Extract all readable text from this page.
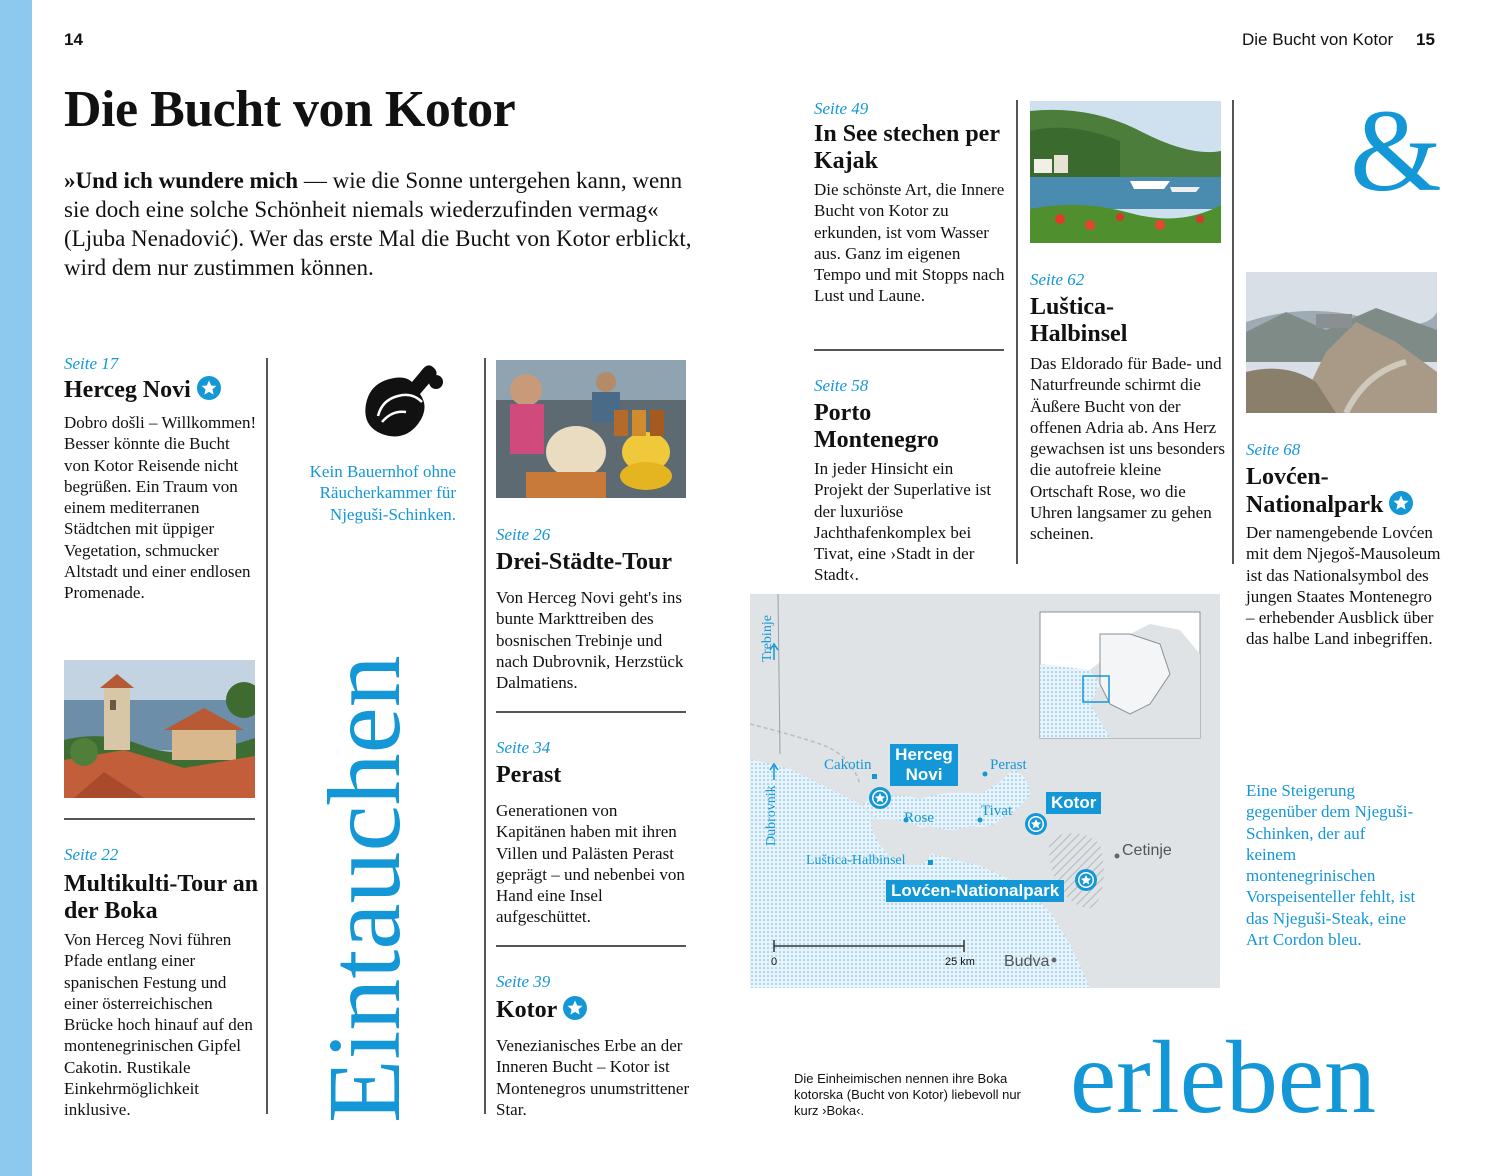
14	Die Bucht von Kotor 15
Die Bucht von Kotor
»Und ich wundere mich — wie die Sonne untergehen kann, wenn sie doch eine solche Schönheit niemals wiederzufinden vermag« (Ljuba Nenadović). Wer das erste Mal die Bucht von Kotor erblickt, wird dem nur zustimmen können.
Seite 17
Herceg Novi
Dobro došli – Willkommen! Besser könnte die Bucht von Kotor Reisende nicht begrüßen. Ein Traum von einem mediterranen Städtchen mit üppiger Vegetation, schmucker Altstadt und einer endlosen Promenade.
Seite 22
Multikulti-Tour an der Boka
Von Herceg Novi führen Pfade entlang einer spanischen Festung und einer österreichischen Brücke hoch hinauf auf den montenegrinischen Gipfel Cakotin. Rustikale Einkehrmöglichkeit inklusive.
Kein Bauernhof ohne Räucherkammer für Njeguši-Schinken.
Eintauchen
Seite 26
Drei-Städte-Tour
Von Herceg Novi geht's ins bunte Markttreiben des bosnischen Trebinje und nach Dubrovnik, Herzstück Dalmatiens.
Seite 34
Perast
Generationen von Kapitänen haben mit ihren Villen und Palästen Perast geprägt – und nebenbei von Hand eine Insel aufgeschüttet.
Seite 39
Kotor
Venezianisches Erbe an der Inneren Bucht – Kotor ist Montenegros unumstrittener Star.
Seite 49
In See stechen per Kajak
Die schönste Art, die Innere Bucht von Kotor zu erkunden, ist vom Wasser aus. Ganz im eigenen Tempo und mit Stopps nach Lust und Laune.
Seite 58
Porto Montenegro
In jeder Hinsicht ein Projekt der Superlative ist der luxuriöse Jachthafenkomplex bei Tivat, eine ›Stadt in der Stadt‹.
Seite 62
Luštica-Halbinsel
Das Eldorado für Bade- und Naturfreunde schirmt die Äußere Bucht von der offenen Adria ab. Ans Herz gewachsen ist uns besonders die autofreie kleine Ortschaft Rose, wo die Uhren langsamer zu gehen scheinen.
&
Seite 68
Lovćen-Nationalpark
Der namengebende Lovćen mit dem Njegoš-Mausoleum ist das Nationalsymbol des jungen Staates Montenegro – erhebender Ausblick über das halbe Land inbegriffen.
Eine Steigerung gegenüber dem Njeguši-Schinken, der auf keinem montenegrinischen Vorspeisenteller fehlt, ist das Njeguši-Steak, eine Art Cordon bleu.
Trebinje
Dubrovnik
Cakotin	Perast
Rose	Tivat
Luštica-Halbinsel
Cetinje
Budva
Herceg Novi
Kotor
Lovćen-Nationalpark
0	25 km
Die Einheimischen nennen ihre Boka kotorska (Bucht von Kotor) liebevoll nur kurz ›Boka‹.	erleben
